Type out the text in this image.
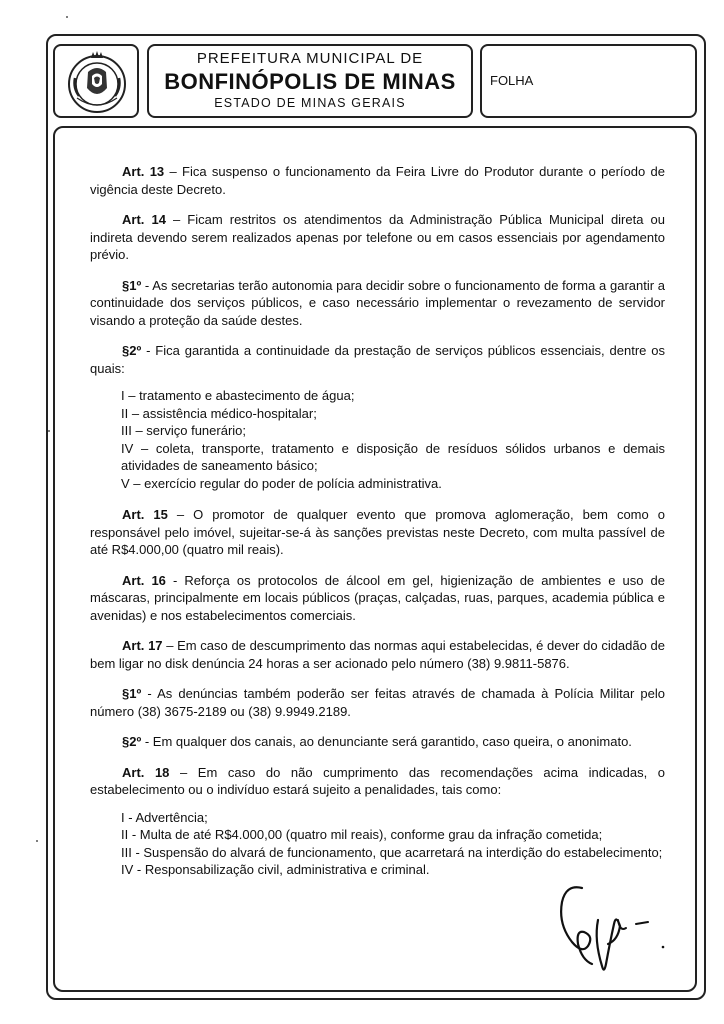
PREFEITURA MUNICIPAL DE
BONFINÓPOLIS DE MINAS
ESTADO DE MINAS GERAIS
FOLHA

Art. 13 – Fica suspenso o funcionamento da Feira Livre do Produtor durante o período de vigência deste Decreto.

Art. 14 – Ficam restritos os atendimentos da Administração Pública Municipal direta ou indireta devendo serem realizados apenas por telefone ou em casos essenciais por agendamento prévio.

§1º - As secretarias terão autonomia para decidir sobre o funcionamento de forma a garantir a continuidade dos serviços públicos, e caso necessário implementar o revezamento de servidor visando a proteção da saúde destes.

§2º - Fica garantida a continuidade da prestação de serviços públicos essenciais, dentre os quais:

I – tratamento e abastecimento de água;
II – assistência médico-hospitalar;
III – serviço funerário;
IV – coleta, transporte, tratamento e disposição de resíduos sólidos urbanos e demais atividades de saneamento básico;
V – exercício regular do poder de polícia administrativa.

Art. 15 – O promotor de qualquer evento que promova aglomeração, bem como o responsável pelo imóvel, sujeitar-se-á às sanções previstas neste Decreto, com multa passível de até R$4.000,00 (quatro mil reais).

Art. 16 - Reforça os protocolos de álcool em gel, higienização de ambientes e uso de máscaras, principalmente em locais públicos (praças, calçadas, ruas, parques, academia pública e avenidas) e nos estabelecimentos comerciais.

Art. 17 – Em caso de descumprimento das normas aqui estabelecidas, é dever do cidadão de bem ligar no disk denúncia 24 horas a ser acionado pelo número (38) 9.9811-5876.

§1º - As denúncias também poderão ser feitas através de chamada à Polícia Militar pelo número (38) 3675-2189 ou (38) 9.9949.2189.

§2º - Em qualquer dos canais, ao denunciante será garantido, caso queira, o anonimato.

Art. 18 – Em caso do não cumprimento das recomendações acima indicadas, o estabelecimento ou o indivíduo estará sujeito a penalidades, tais como:

I - Advertência;
II - Multa de até R$4.000,00 (quatro mil reais), conforme grau da infração cometida;
III - Suspensão do alvará de funcionamento, que acarretará na interdição do estabelecimento;
IV - Responsabilização civil, administrativa e criminal.
